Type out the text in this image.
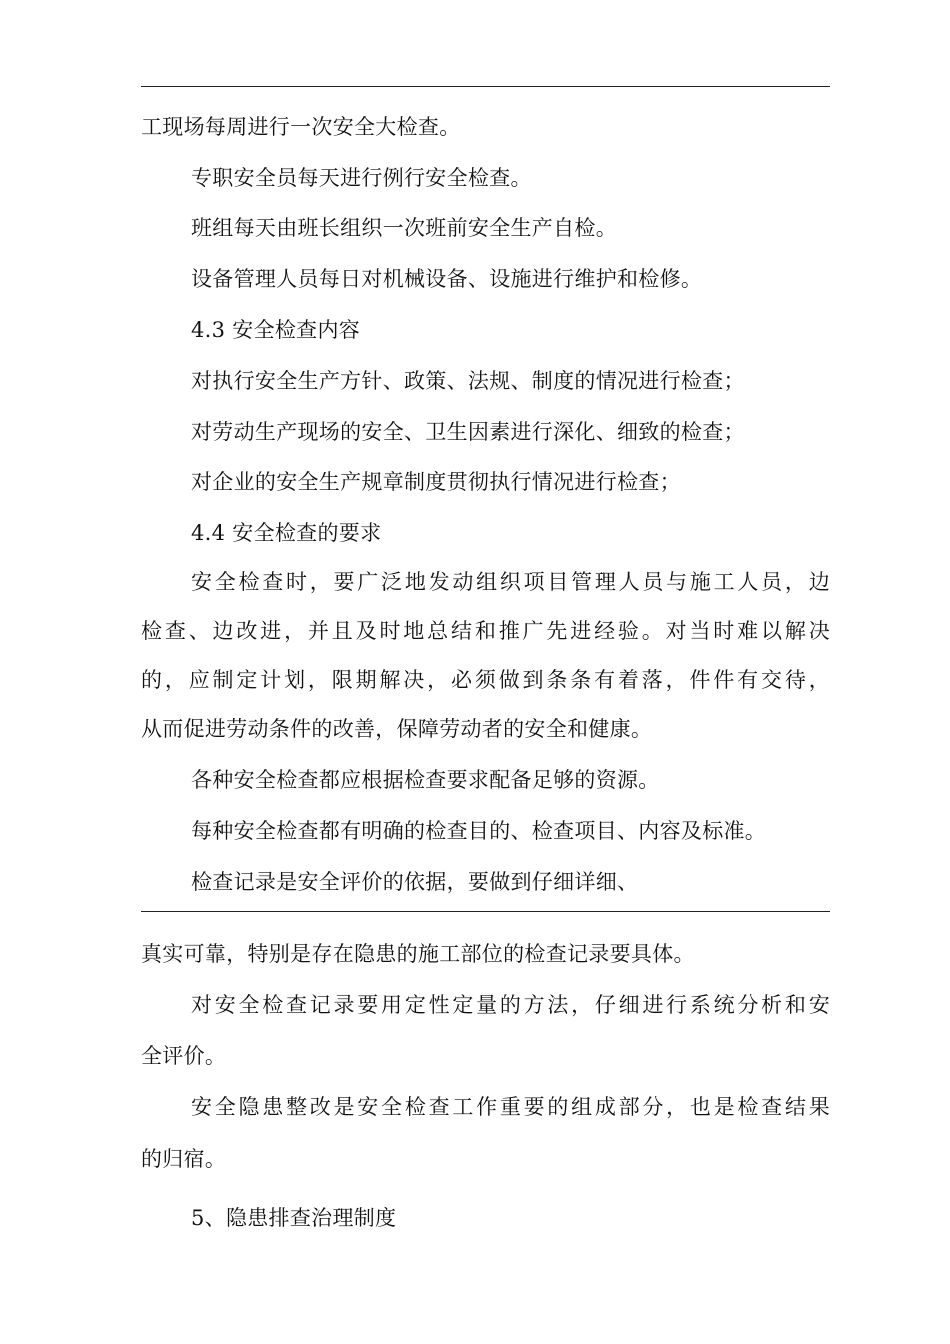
工现场每周进行一次安全大检查。
专职安全员每天进行例行安全检查。
班组每天由班长组织一次班前安全生产自检。
设备管理人员每日对机械设备、设施进行维护和检修。
4.3 安全检查内容
对执行安全生产方针、政策、法规、制度的情况进行检查；
对劳动生产现场的安全、卫生因素进行深化、细致的检查；
对企业的安全生产规章制度贯彻执行情况进行检查；
4.4 安全检查的要求
安全检查时，要广泛地发动组织项目管理人员与施工人员，边
检查、边改进，并且及时地总结和推广先进经验。对当时难以解决
的，应制定计划，限期解决，必须做到条条有着落，件件有交待，
从而促进劳动条件的改善，保障劳动者的安全和健康。
各种安全检查都应根据检查要求配备足够的资源。
每种安全检查都有明确的检查目的、检查项目、内容及标准。
检查记录是安全评价的依据，要做到仔细详细、
真实可靠，特别是存在隐患的施工部位的检查记录要具体。
对安全检查记录要用定性定量的方法，仔细进行系统分析和安
全评价。
安全隐患整改是安全检查工作重要的组成部分，也是检查结果
的归宿。
5、隐患排查治理制度
